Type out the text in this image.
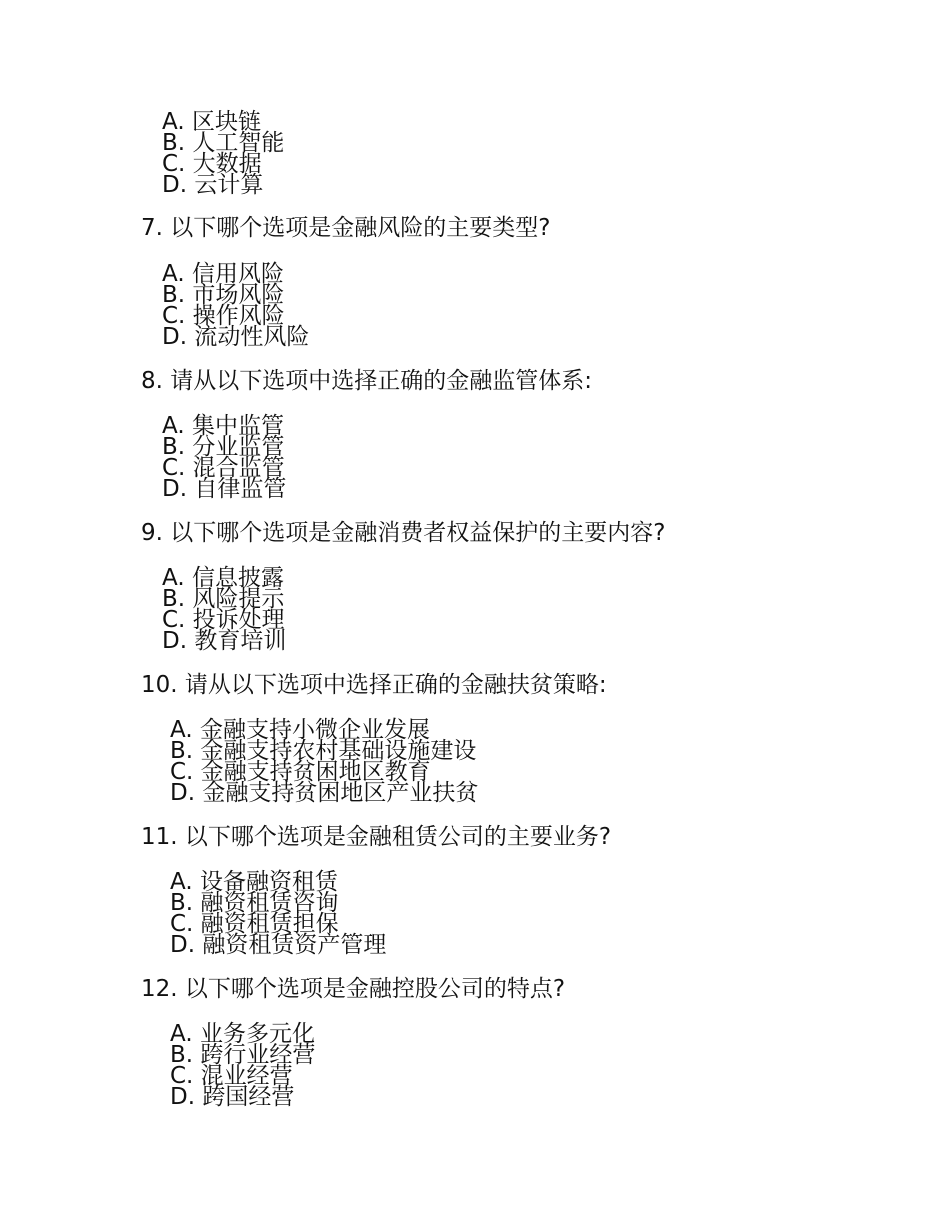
A. 区块链
B. 人工智能
C. 大数据
D. 云计算
7. 以下哪个选项是金融风险的主要类型?
A. 信用风险
B. 市场风险
C. 操作风险
D. 流动性风险
8. 请从以下选项中选择正确的金融监管体系:
A. 集中监管
B. 分业监管
C. 混合监管
D. 自律监管
9. 以下哪个选项是金融消费者权益保护的主要内容?
A. 信息披露
B. 风险提示
C. 投诉处理
D. 教育培训
10. 请从以下选项中选择正确的金融扶贫策略:
A. 金融支持小微企业发展
B. 金融支持农村基础设施建设
C. 金融支持贫困地区教育
D. 金融支持贫困地区产业扶贫
11. 以下哪个选项是金融租赁公司的主要业务?
A. 设备融资租赁
B. 融资租赁咨询
C. 融资租赁担保
D. 融资租赁资产管理
12. 以下哪个选项是金融控股公司的特点?
A. 业务多元化
B. 跨行业经营
C. 混业经营
D. 跨国经营
